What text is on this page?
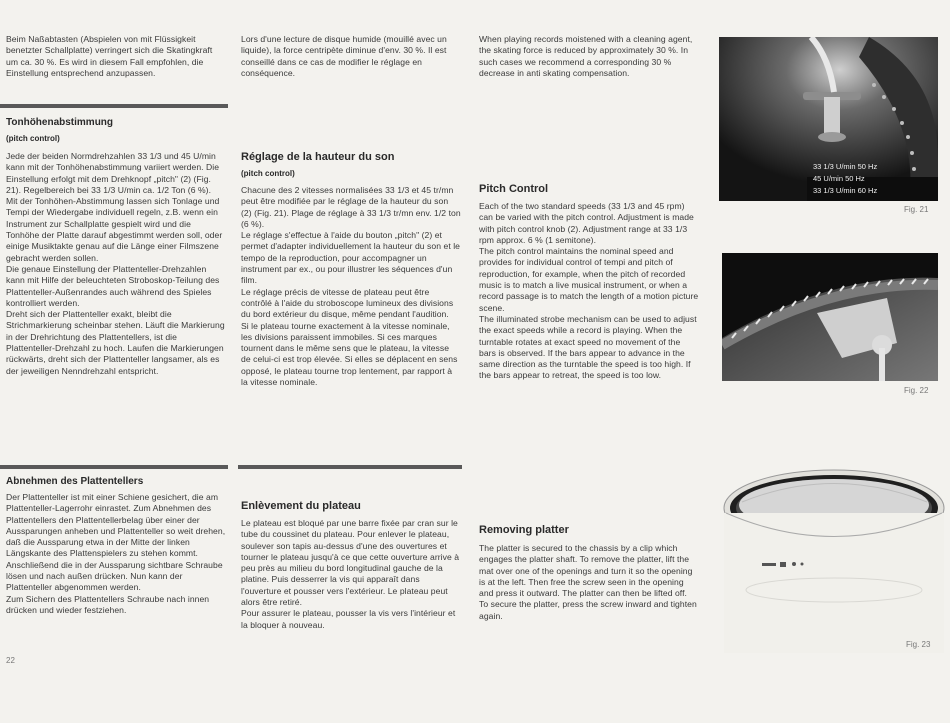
Beim Naßabtasten (Abspielen von mit Flüssigkeit benetzter Schallplatte) verringert sich die Skatingkraft um ca. 30 %. Es wird in diesem Fall empfohlen, die Einstellung entsprechend anzupassen.

Lors d'une lecture de disque humide (mouillé avec un liquide), la force centripète diminue d'env. 30 %. Il est conseillé dans ce cas de modifier le réglage en conséquence.

When playing records moistened with a cleaning agent, the skating force is reduced by approximately 30 %. In such cases we recommend a corresponding 30 % decrease in anti skating compensation.

Tonhöhenabstimmung
(pitch control)

Jede der beiden Normdrehzahlen 33 1/3 und 45 U/min kann mit der Tonhöhenabstimmung variiert werden. Die Einstellung erfolgt mit dem Drehknopf „pitch" (2) (Fig. 21). Regelbereich bei 33 1/3 U/min ca. 1/2 Ton (6 %).

Mit der Tonhöhen-Abstimmung lassen sich Tonlage und Tempi der Wiedergabe individuell regeln, z.B. wenn ein Instrument zur Schallplatte gespielt wird und die Tonhöhe der Platte darauf abgestimmt werden soll, oder einige Musiktakte genau auf die Länge einer Filmszene gebracht werden sollen.

Die genaue Einstellung der Plattenteller-Drehzahlen kann mit Hilfe der beleuchteten Stroboskop-Teilung des Plattenteller-Außenrandes auch während des Spieles kontrolliert werden.

Dreht sich der Plattenteller exakt, bleibt die Strichmarkierung scheinbar stehen. Läuft die Markierung in der Drehrichtung des Plattentellers, ist die Plattenteller-Drehzahl zu hoch. Laufen die Markierungen rückwärts, dreht sich der Plattenteller langsamer, als es der jeweiligen Nenndrehzahl entspricht.

Réglage de la hauteur du son
(pitch control)

Chacune des 2 vitesses normalisées 33 1/3 et 45 tr/mn peut être modifiée par le réglage de la hauteur du son (2) (Fig. 21). Plage de réglage à 33 1/3 tr/mn env. 1/2 ton (6 %).

Le réglage s'effectue à l'aide du bouton „pitch" (2) et permet d'adapter individuellement la hauteur du son et le tempo de la reproduction, pour accompagner un instrument par ex., ou pour illustrer les séquences d'un film.

Le réglage précis de vitesse de plateau peut être contrôlé à l'aide du stroboscope lumineux des divisions du bord extérieur du disque, même pendant l'audition.

Si le plateau tourne exactement à la vitesse nominale, les divisions paraissent immobiles. Si ces marques tournent dans le même sens que le plateau, la vitesse de celui-ci est trop élevée. Si elles se déplacent en sens opposé, le plateau tourne trop lentement, par rapport à la vitesse nominale.

Pitch Control

Each of the two standard speeds (33 1/3 and 45 rpm) can be varied with the pitch control. Adjustment is made with pitch control knob (2). Adjustment range at 33 1/3 rpm approx. 6 % (1 semitone).

The pitch control maintains the nominal speed and provides for individual control of tempi and pitch of reproduction, for example, when the pitch of recorded music is to match a live musical instrument, or when a record passage is to match the length of a motion picture scene.

The illuminated strobe mechanism can be used to adjust the exact speeds while a record is playing. When the turntable rotates at exact speed no movement of the bars is observed. If the bars appear to advance in the same direction as the turntable the speed is too high. If the bars appear to retreat, the speed is too low.

Abnehmen des Plattentellers

Der Plattenteller ist mit einer Schiene gesichert, die am Plattenteller-Lagerrohr einrastet. Zum Abnehmen des Plattentellers den Plattentellerbelag über einer der Aussparungen anheben und Plattenteller so weit drehen, daß die Aussparung etwa in der Mitte der linken Längskante des Plattenspielers zu stehen kommt. Anschließend die in der Aussparung sichtbare Schraube lösen und nach außen drücken. Nun kann der Plattenteller abgenommen werden.

Zum Sichern des Plattentellers Schraube nach innen drücken und wieder festziehen.

Enlèvement du plateau

Le plateau est bloqué par une barre fixée par cran sur le tube du coussinet du plateau. Pour enlever le plateau, soulever son tapis au-dessus d'une des ouvertures et tourner le plateau jusqu'à ce que cette ouverture arrive à peu près au milieu du bord longitudinal gauche de la platine. Puis desserrer la vis qui apparaît dans l'ouverture et pousser vers l'extérieur. Le plateau peut alors être retiré.

Pour assurer le plateau, pousser la vis vers l'intérieur et la bloquer à nouveau.

Removing platter

The platter is secured to the chassis by a clip which engages the platter shaft. To remove the platter, lift the mat over one of the openings and turn it so the opening is at the left. Then free the screw seen in the opening and press it outward. The platter can then be lifted off.

To secure the platter, press the screw inward and tighten again.

22
33 1/3 U/min 50 Hz
45 U/min 50 Hz
33 1/3 U/min 60 Hz
Fig. 21
Fig. 22
Fig. 23
